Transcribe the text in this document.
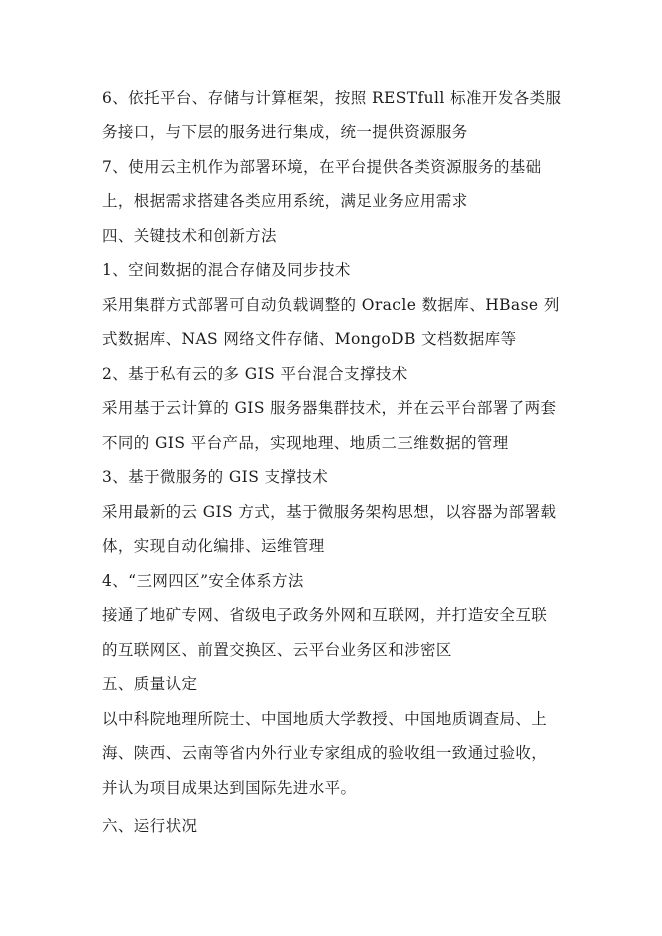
6、依托平台、存储与计算框架，按照 RESTfull 标准开发各类服
务接口，与下层的服务进行集成，统一提供资源服务
7、使用云主机作为部署环境，在平台提供各类资源服务的基础
上，根据需求搭建各类应用系统，满足业务应用需求
四、关键技术和创新方法
1、空间数据的混合存储及同步技术
采用集群方式部署可自动负载调整的 Oracle 数据库、HBase 列
式数据库、NAS 网络文件存储、MongoDB 文档数据库等
2、基于私有云的多 GIS 平台混合支撑技术
采用基于云计算的 GIS 服务器集群技术，并在云平台部署了两套
不同的 GIS 平台产品，实现地理、地质二三维数据的管理
3、基于微服务的 GIS 支撑技术
采用最新的云 GIS 方式，基于微服务架构思想，以容器为部署载
体，实现自动化编排、运维管理
4、“三网四区”安全体系方法
接通了地矿专网、省级电子政务外网和互联网，并打造安全互联
的互联网区、前置交换区、云平台业务区和涉密区
五、质量认定
以中科院地理所院士、中国地质大学教授、中国地质调查局、上
海、陕西、云南等省内外行业专家组成的验收组一致通过验收，
并认为项目成果达到国际先进水平。
六、运行状况
